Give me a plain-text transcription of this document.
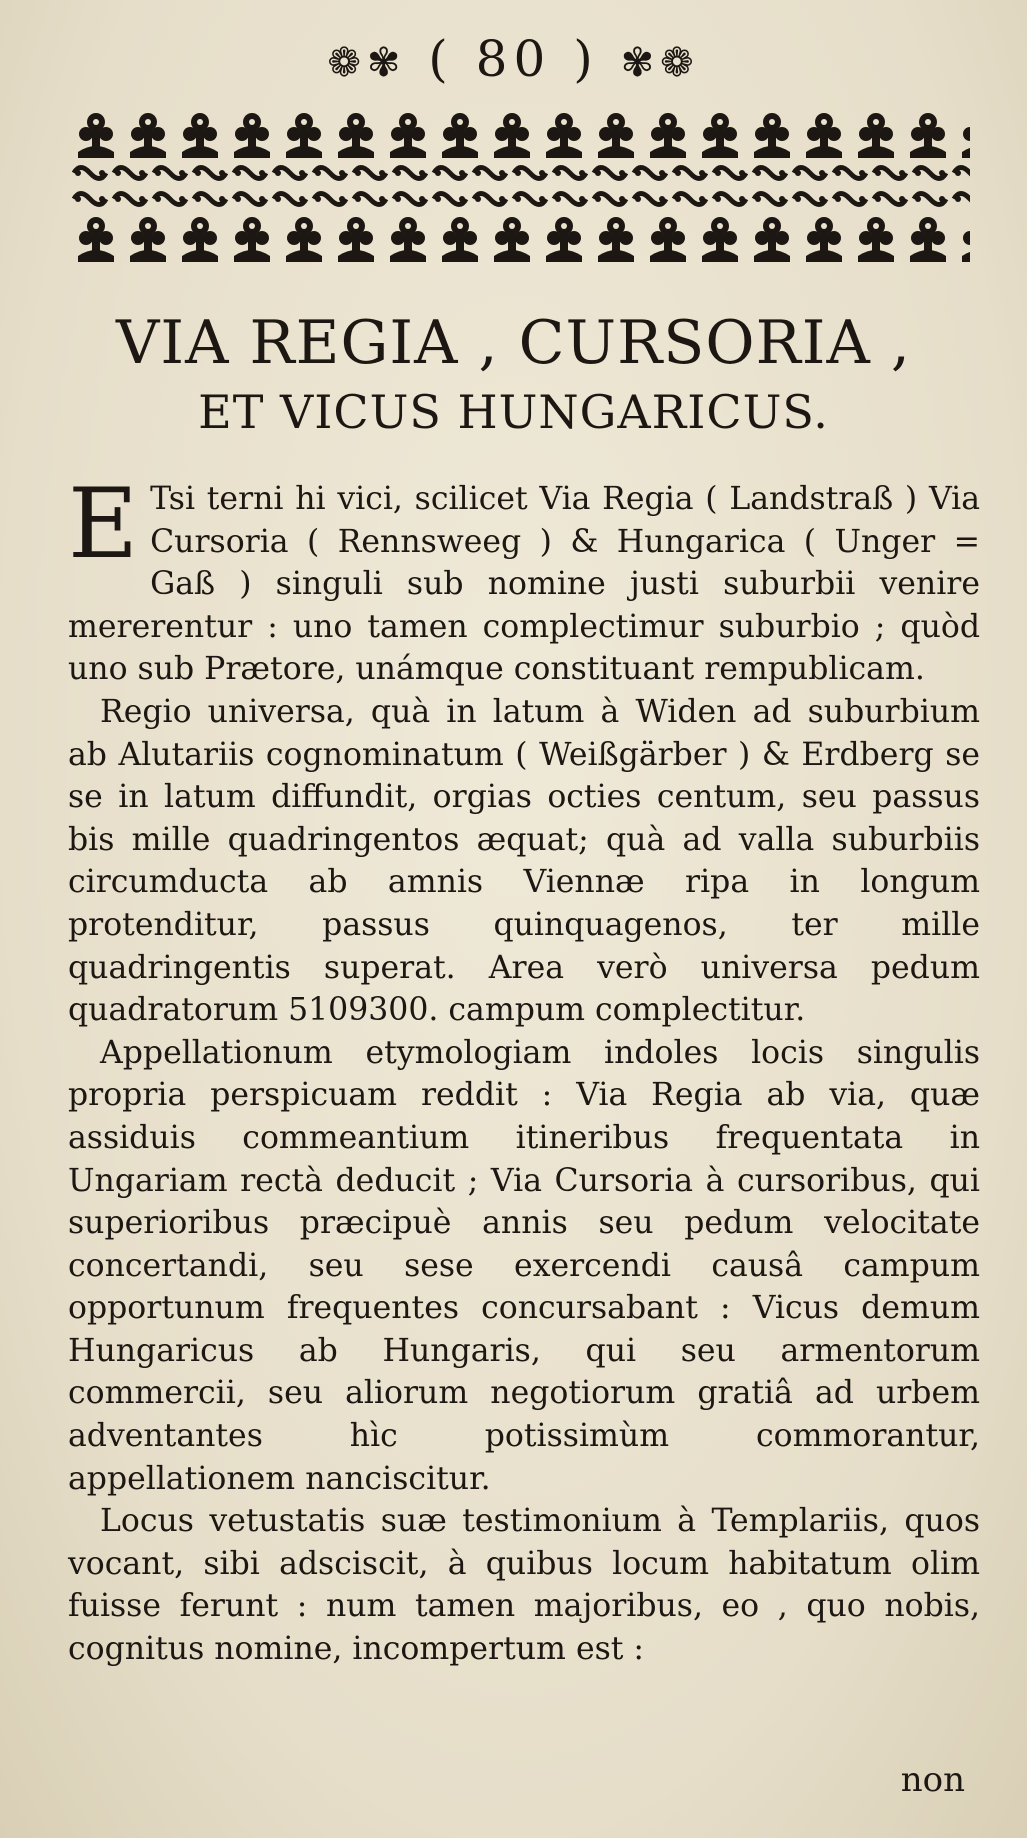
❁✾ ( 80 ) ✾❁
VIA REGIA , CURSORIA ,
ET VICUS HUNGARICUS.

E Tsi terni hi vici, scilicet Via Regia ( Landstraß ) Via Cursoria ( Rennsweeg ) & Hungarica ( Unger = Gaß ) singuli sub nomine justi suburbii venire mererentur : uno tamen complectimur suburbio ; quòd uno sub Prætore, unámque constituant rempublicam.

Regio universa, quà in latum à Widen ad suburbium ab Alutariis cognominatum ( Weißgärber ) & Erdberg se se in latum diffundit, orgias octies centum, seu passus bis mille quadringentos æquat; quà ad valla suburbiis circumducta ab amnis Viennæ ripa in longum protenditur, passus quinquagenos, ter mille quadringentis superat. Area verò universa pedum quadratorum 5109300. campum complectitur.

Appellationum etymologiam indoles locis singulis propria perspicuam reddit : Via Regia ab via, quæ assiduis commeantium itineribus frequentata in Ungariam rectà deducit ; Via Cursoria à cursoribus, qui superioribus præcipuè annis seu pedum velocitate concertandi, seu sese exercendi causâ campum opportunum frequentes concursabant : Vicus demum Hungaricus ab Hungaris, qui seu armentorum commercii, seu aliorum negotiorum gratiâ ad urbem adventantes hìc potissimùm commorantur, appellationem nanciscitur.

Locus vetustatis suæ testimonium à Templariis, quos vocant, sibi adsciscit, à quibus locum habitatum olim fuisse ferunt : num tamen majoribus, eo , quo nobis, cognitus nomine, incompertum est :

non
